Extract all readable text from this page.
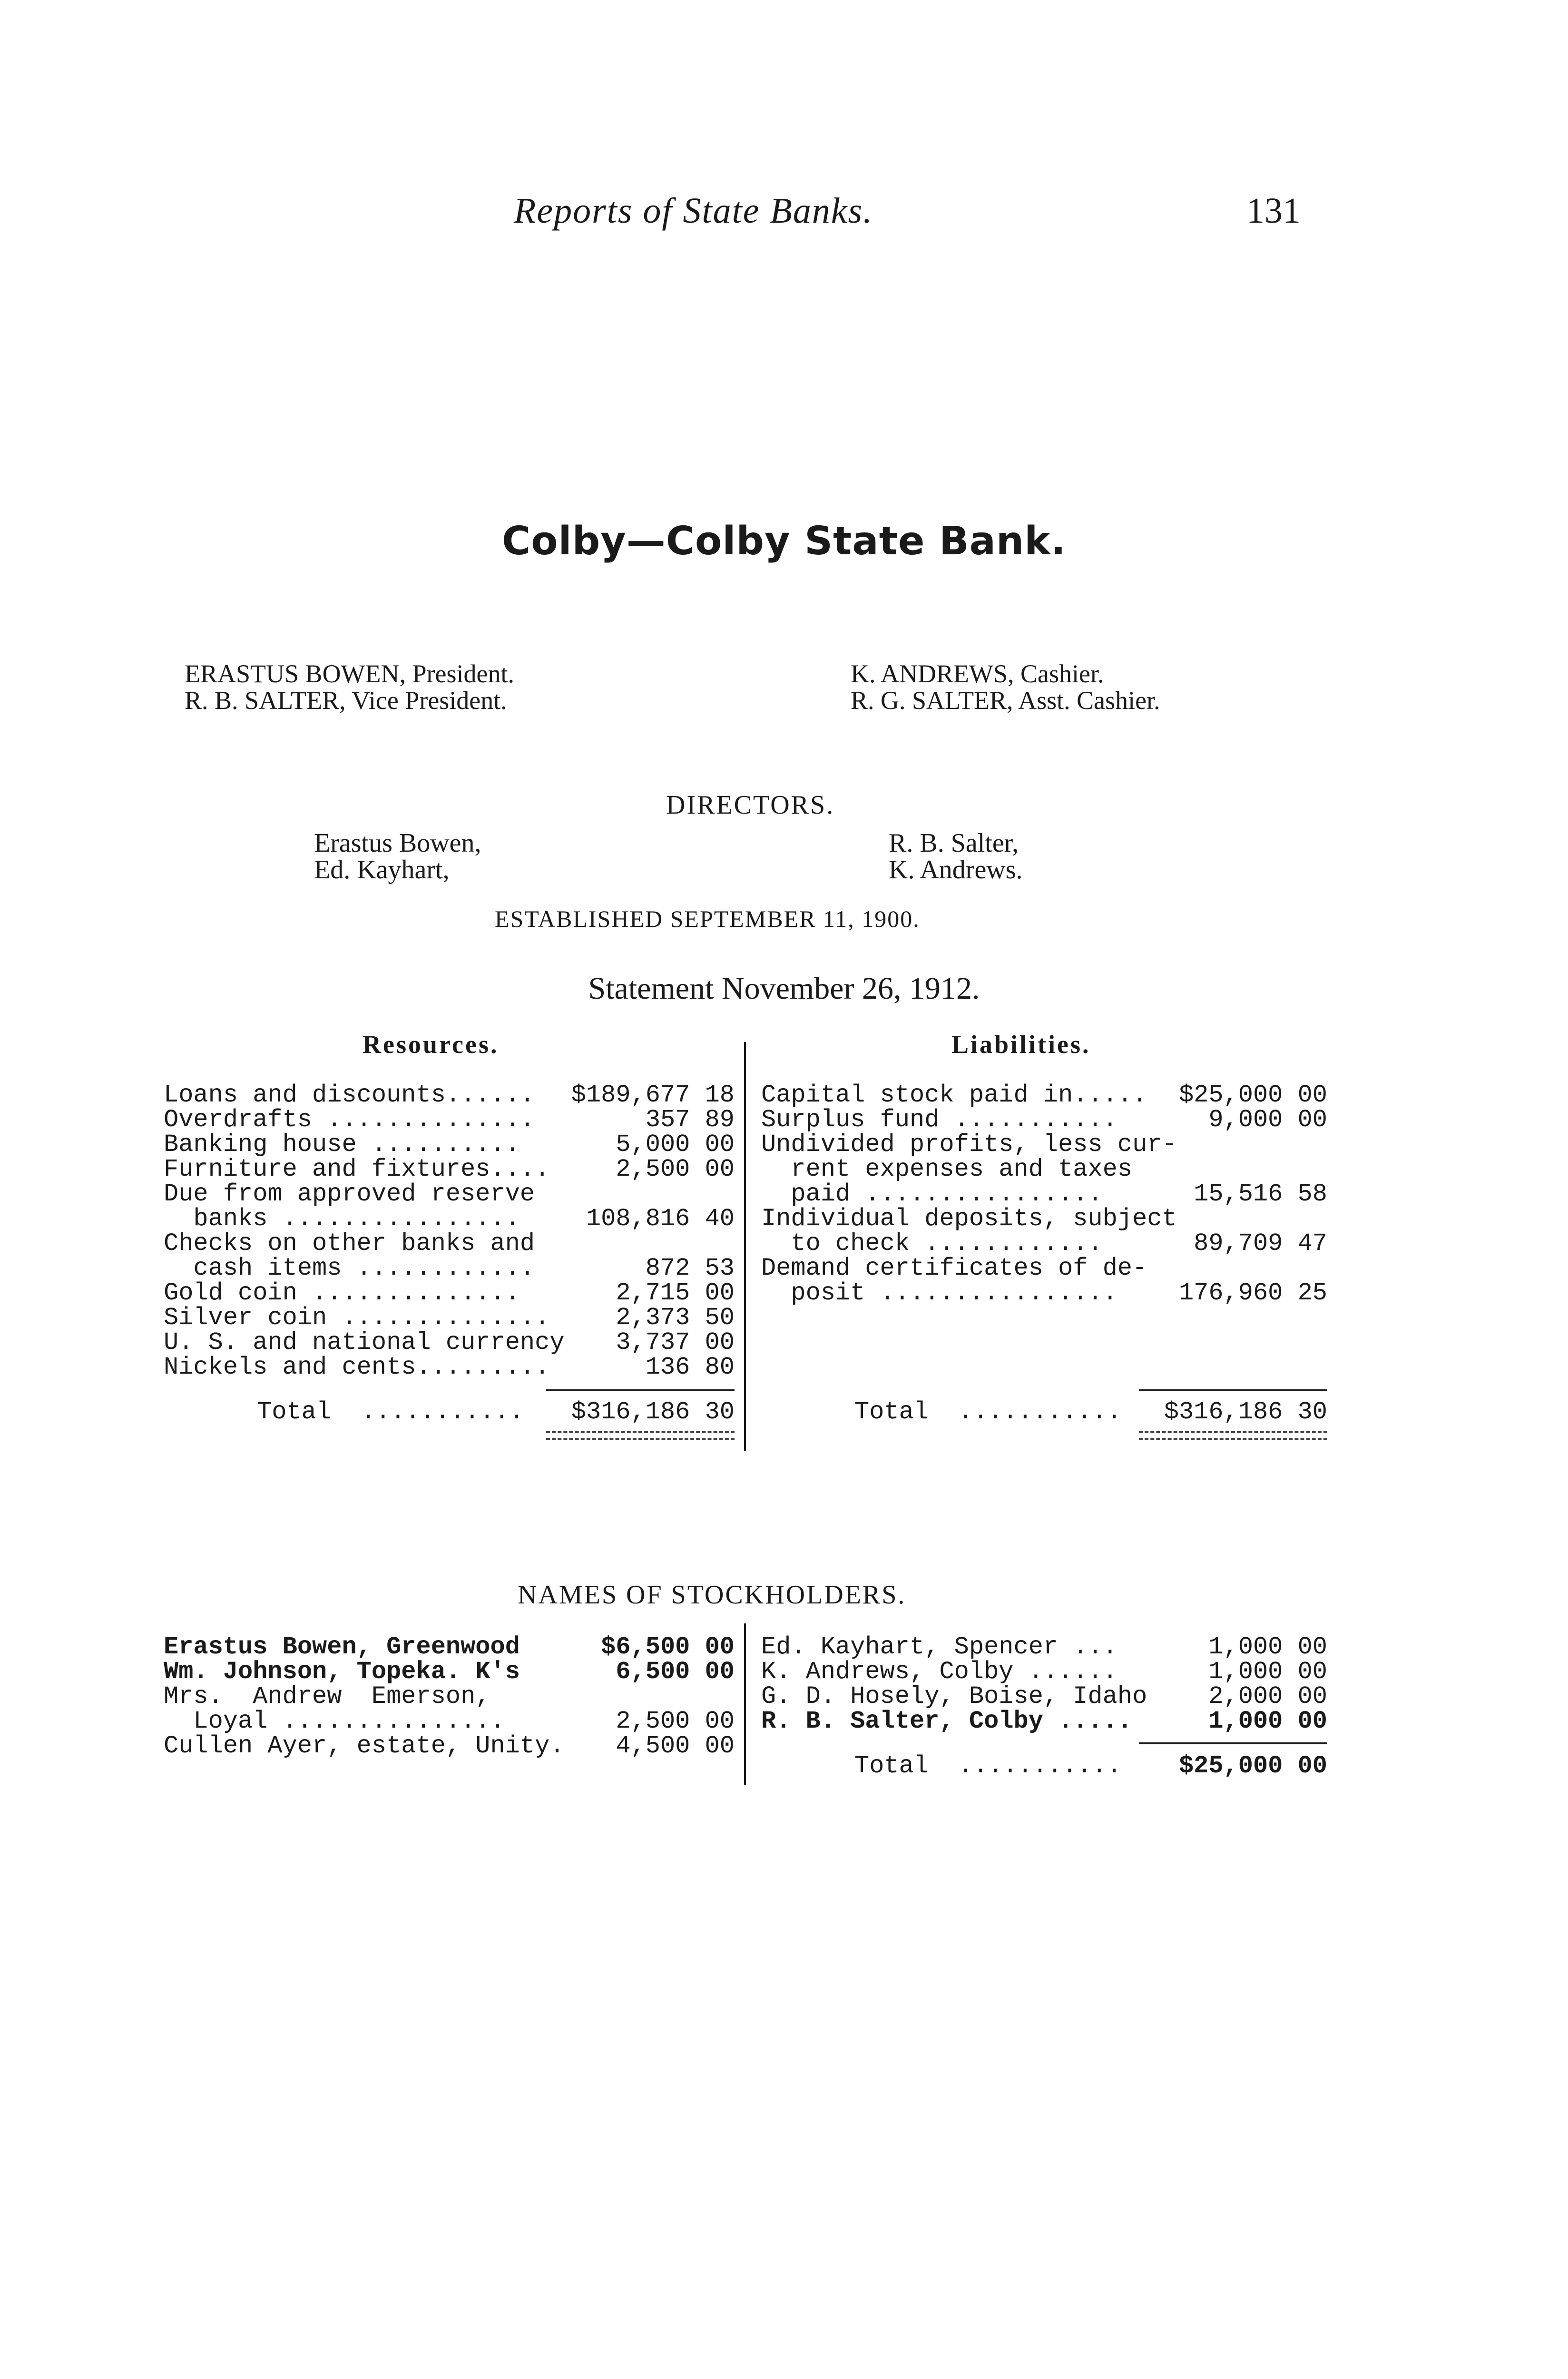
Reports of State Banks.	131
Colby—Colby State Bank.
ERASTUS BOWEN, President.
R. B. SALTER, Vice President.
K. ANDREWS, Cashier.
R. G. SALTER, Asst. Cashier.
DIRECTORS.
Erastus Bowen,
Ed. Kayhart,
R. B. Salter,
K. Andrews.
ESTABLISHED SEPTEMBER 11, 1900.
Statement November 26, 1912.
Resources.	Liabilities.
Loans and discounts......	$189,677 18
Overdrafts ..............	357 89
Banking house ..........	5,000 00
Furniture and fixtures....	2,500 00
Due from approved reserve
banks ................	108,816 40
Checks on other banks and
cash items ............	872 53
Gold coin ..............	2,715 00
Silver coin ..............	2,373 50
U. S. and national currency	3,737 00
Nickels and cents.........	136 80
Total  ...........	$316,186 30
Capital stock paid in.....	$25,000 00
Surplus fund ...........	9,000 00
Undivided profits, less cur-
rent expenses and taxes
paid ................	15,516 58
Individual deposits, subject
to check ............	89,709 47
Demand certificates of de-
posit ................	176,960 25
Total  ...........	$316,186 30
NAMES OF STOCKHOLDERS.
Erastus Bowen, Greenwood	$6,500 00
Wm. Johnson, Topeka. K's	6,500 00
Mrs.  Andrew  Emerson,
Loyal ...............	2,500 00
Cullen Ayer, estate, Unity.	4,500 00
Ed. Kayhart, Spencer ...	1,000 00
K. Andrews, Colby ......	1,000 00
G. D. Hosely, Boise, Idaho	2,000 00
R. B. Salter, Colby .....	1,000 00
Total  ...........	$25,000 00
